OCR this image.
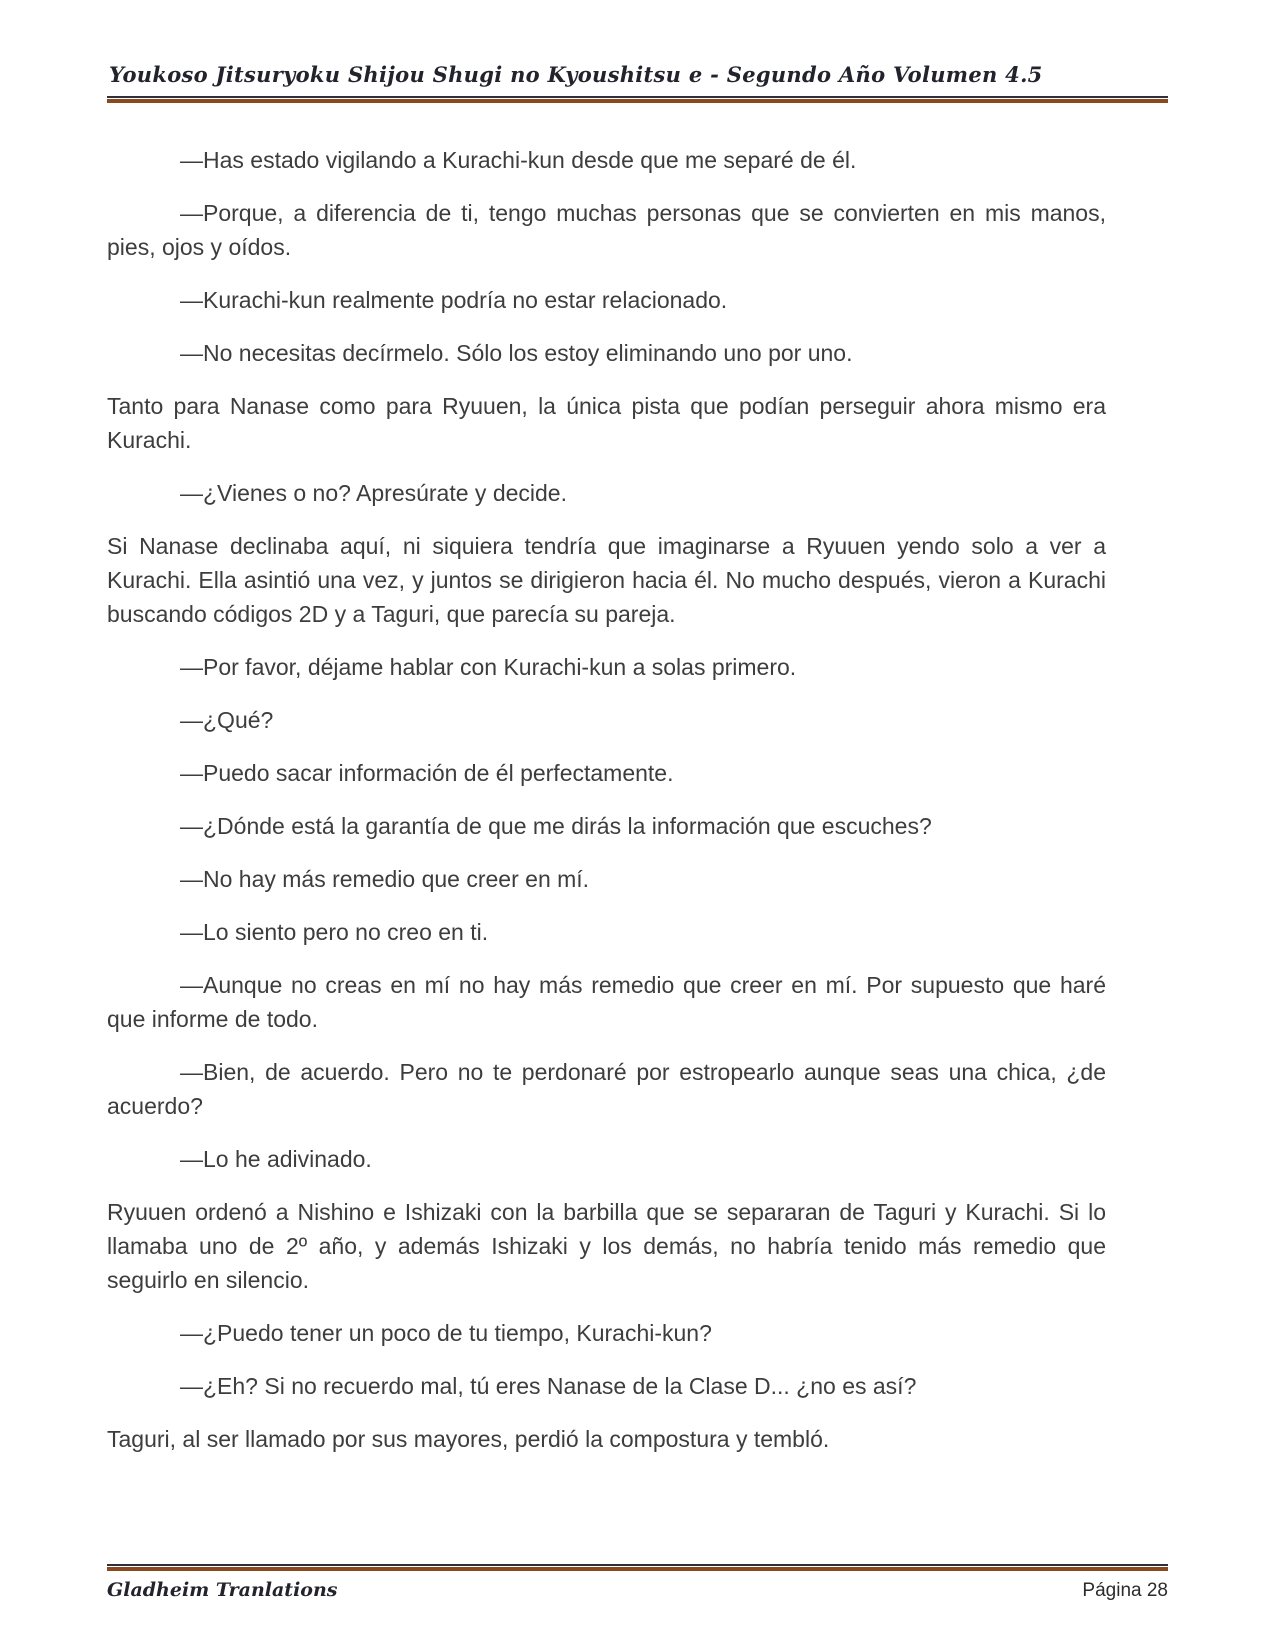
Youkoso Jitsuryoku Shijou Shugi no Kyoushitsu e - Segundo Año Volumen 4.5

—Has estado vigilando a Kurachi-kun desde que me separé de él.

—Porque, a diferencia de ti, tengo muchas personas que se convierten en mis manos, pies, ojos y oídos.

—Kurachi-kun realmente podría no estar relacionado.

—No necesitas decírmelo. Sólo los estoy eliminando uno por uno.

Tanto para Nanase como para Ryuuen, la única pista que podían perseguir ahora mismo era Kurachi.

—¿Vienes o no? Apresúrate y decide.

Si Nanase declinaba aquí, ni siquiera tendría que imaginarse a Ryuuen yendo solo a ver a Kurachi. Ella asintió una vez, y juntos se dirigieron hacia él. No mucho después, vieron a Kurachi buscando códigos 2D y a Taguri, que parecía su pareja.

—Por favor, déjame hablar con Kurachi-kun a solas primero.

—¿Qué?

—Puedo sacar información de él perfectamente.

—¿Dónde está la garantía de que me dirás la información que escuches?

—No hay más remedio que creer en mí.

—Lo siento pero no creo en ti.

—Aunque no creas en mí no hay más remedio que creer en mí. Por supuesto que haré que informe de todo.

—Bien, de acuerdo. Pero no te perdonaré por estropearlo aunque seas una chica, ¿de acuerdo?

—Lo he adivinado.

Ryuuen ordenó a Nishino e Ishizaki con la barbilla que se separaran de Taguri y Kurachi. Si lo llamaba uno de 2º año, y además Ishizaki y los demás, no habría tenido más remedio que seguirlo en silencio.

—¿Puedo tener un poco de tu tiempo, Kurachi-kun?

—¿Eh? Si no recuerdo mal, tú eres Nanase de la Clase D... ¿no es así?

Taguri, al ser llamado por sus mayores, perdió la compostura y tembló.

Gladheim Tranlations	Página 28
